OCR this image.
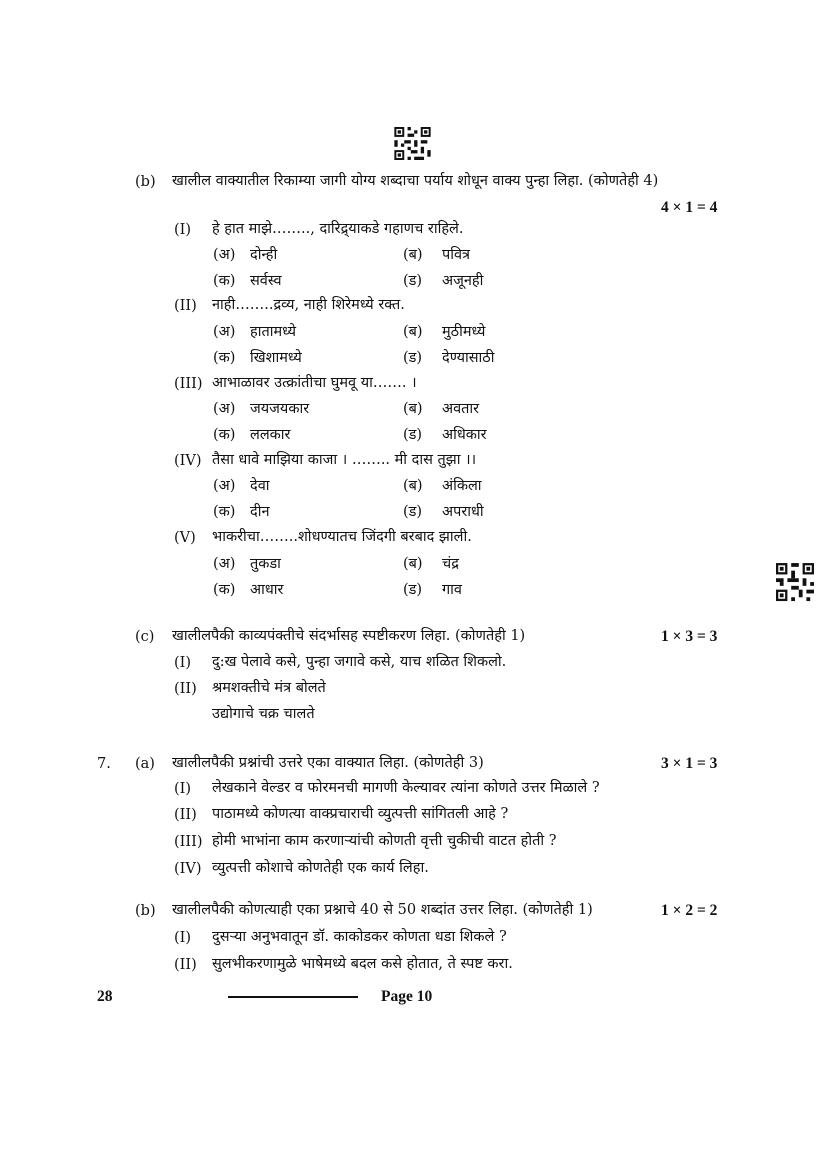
(b) खालील वाक्यातील रिकाम्या जागी योग्य शब्दाचा पर्याय शोधून वाक्य पुन्हा लिहा. (कोणतेही 4)
4 × 1 = 4
(I) हे हात माझे…….., दारिद्र्याकडे गहाणच राहिले.
(अ) दोन्ही	(ब) पवित्र
(क) सर्वस्व	(ड) अजूनही
(II) नाही……..द्रव्य, नाही शिरेमध्ये रक्त.
(अ) हातामध्ये	(ब) मुठीमध्ये
(क) खिशामध्ये	(ड) देण्यासाठी
(III) आभाळावर उत्क्रांतीचा घुमवू या……. ।
(अ) जयजयकार	(ब) अवतार
(क) ललकार	(ड) अधिकार
(IV) तैसा धावे माझिया काजा । …….. मी दास तुझा ।।
(अ) देवा	(ब) अंकिला
(क) दीन	(ड) अपराधी
(V) भाकरीचा……..शोधण्यातच जिंदगी बरबाद झाली.
(अ) तुकडा	(ब) चंद्र
(क) आधार	(ड) गाव
(c) खालीलपैकी काव्यपंक्तीचे संदर्भासह स्पष्टीकरण लिहा. (कोणतेही 1)	1 × 3 = 3
(I) दु:ख पेलावे कसे, पुन्हा जगावे कसे, याच शळित शिकलो.
(II) श्रमशक्तीचे मंत्र बोलते
उद्योगाचे चक्र चालते
7. (a) खालीलपैकी प्रश्नांची उत्तरे एका वाक्यात लिहा. (कोणतेही 3)	3 × 1 = 3
(I) लेखकाने वेल्डर व फोरमनची मागणी केल्यावर त्यांना कोणते उत्तर मिळाले ?
(II) पाठामध्ये कोणत्या वाक्प्रचाराची व्युत्पत्ती सांगितली आहे ?
(III) होमी भाभांना काम करणाऱ्यांची कोणती वृत्ती चुकीची वाटत होती ?
(IV) व्युत्पत्ती कोशाचे कोणतेही एक कार्य लिहा.
(b) खालीलपैकी कोणत्याही एका प्रश्नाचे 40 से 50 शब्दांत उत्तर लिहा. (कोणतेही 1)	1 × 2 = 2
(I) दुसऱ्या अनुभवातून डॉ. काकोडकर कोणता धडा शिकले ?
(II) सुलभीकरणामुळे भाषेमध्ये बदल कसे होतात, ते स्पष्ट करा.
28	Page 10
